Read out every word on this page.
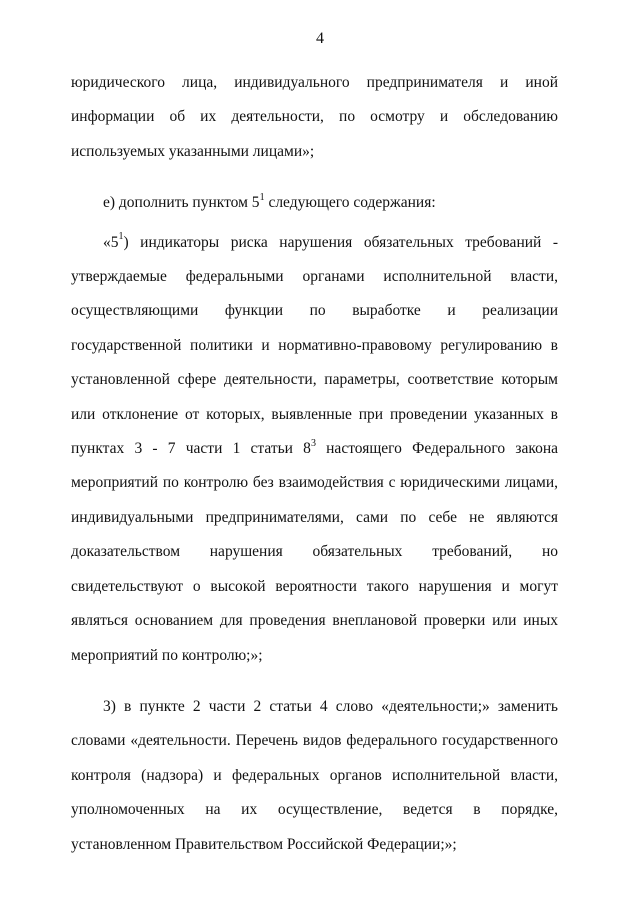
4

юридического лица, индивидуального предпринимателя и иной информации об их деятельности, по осмотру и обследованию используемых указанными лицами»;

е) дополнить пунктом $5^1$ следующего содержания:

«$5^1$) индикаторы риска нарушения обязательных требований - утверждаемые федеральными органами исполнительной власти, осуществляющими функции по выработке и реализации государственной политики и нормативно-правовому регулированию в установленной сфере деятельности, параметры, соответствие которым или отклонение от которых, выявленные при проведении указанных в пунктах 3 - 7 части 1 статьи $8^3$ настоящего Федерального закона мероприятий по контролю без взаимодействия с юридическими лицами, индивидуальными предпринимателями, сами по себе не являются доказательством нарушения обязательных требований, но свидетельствуют о высокой вероятности такого нарушения и могут являться основанием для проведения внеплановой проверки или иных мероприятий по контролю;»;

3) в пункте 2 части 2 статьи 4 слово «деятельности;» заменить словами «деятельности. Перечень видов федерального государственного контроля (надзора) и федеральных органов исполнительной власти, уполномоченных на их осуществление, ведется в порядке, установленном Правительством Российской Федерации;»;
